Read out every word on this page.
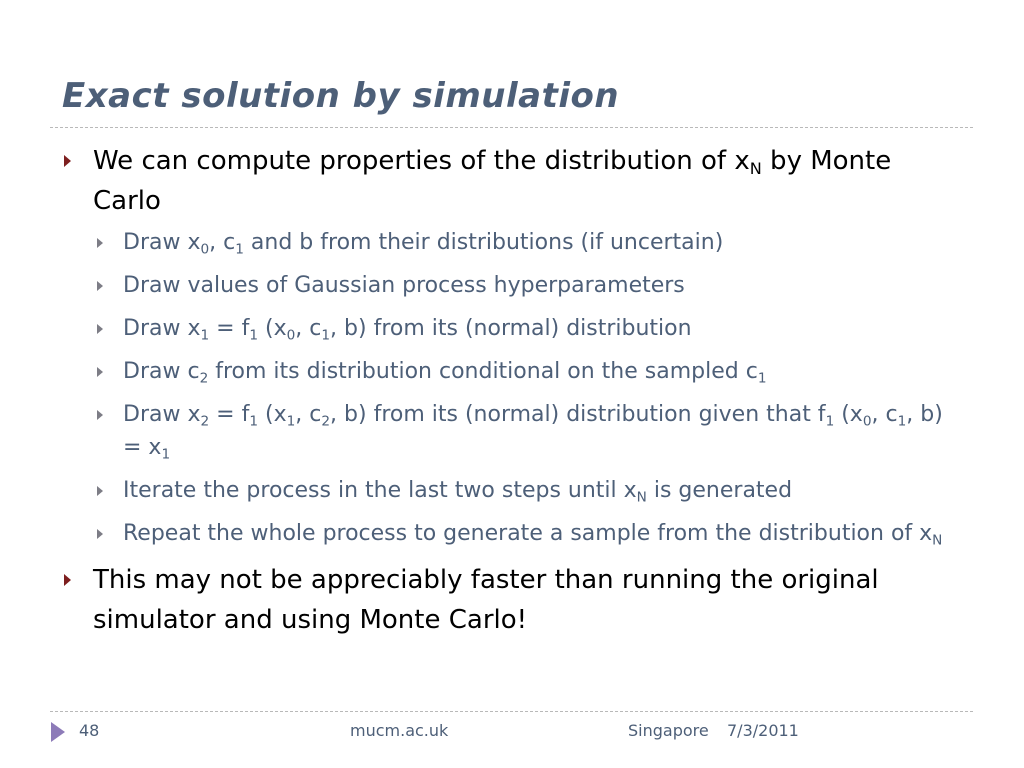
Exact solution by simulation
We can compute properties of the distribution of $x_N$ by Monte Carlo
Draw $x_0$, $c_1$ and b from their distributions (if uncertain)
Draw values of Gaussian process hyperparameters
Draw $x_1 = f_1$ ($x_0$, $c_1$, b) from its (normal) distribution
Draw $c_2$ from its distribution conditional on the sampled $c_1$
Draw $x_2 = f_1$ ($x_1$, $c_2$, b) from its (normal) distribution given that $f_1$ ($x_0$, $c_1$, $b) = x_1$
Iterate the process in the last two steps until $x_N$ is generated
Repeat the whole process to generate a sample from the distribution of $x_N$
This may not be appreciably faster than running the original simulator and using Monte Carlo!
48	mucm.ac.uk	Singapore 7/3/2011
